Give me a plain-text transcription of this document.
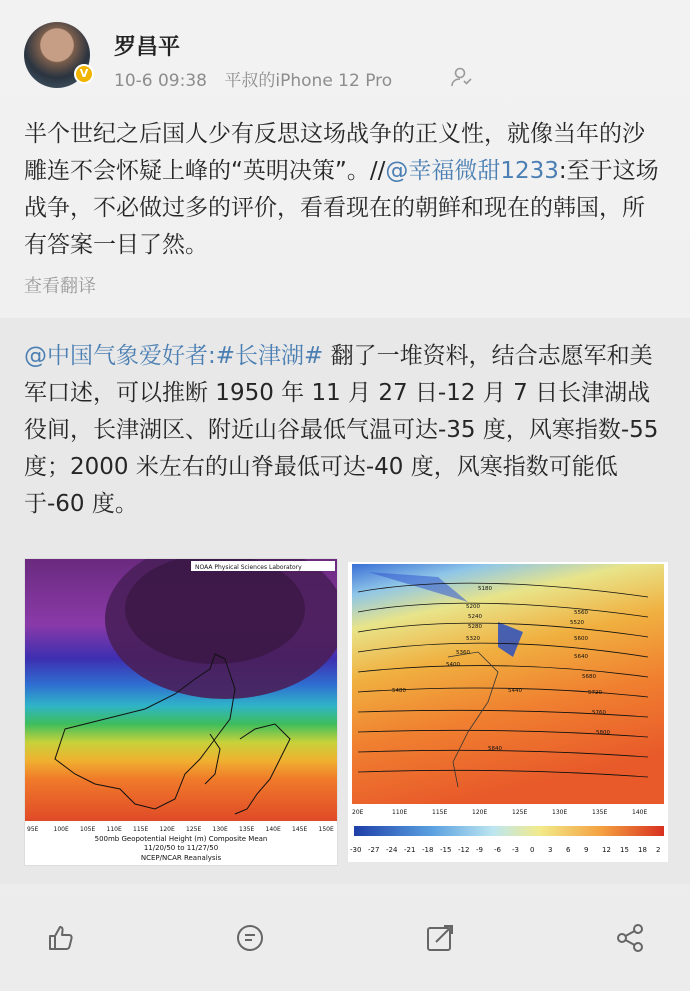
V
罗昌平
10-6 09:38 平叔的iPhone 12 Pro
半个世纪之后国人少有反思这场战争的正义性，就像当年的沙雕连不会怀疑上峰的“英明决策”。//@幸福微甜1233:至于这场战争，不必做过多的评价，看看现在的朝鲜和现在的韩国，所有答案一目了然。
查看翻译
@中国气象爱好者:#长津湖# 翻了一堆资料，结合志愿军和美军口述，可以推断 1950 年 11 月 27 日-12 月 7 日长津湖战役间，长津湖区、附近山谷最低气温可达-35 度，风寒指数-55 度；2000 米左右的山脊最低可达-40 度，风寒指数可能低于-60 度。
NOAA Physical Sciences Laboratory
95E	100E 105E 110E 115E 120E 125E 130E 135E 140E 145E 150E
500mb Geopotential Height (m) Composite Mean
11/20/50 to 11/27/50
NCEP/NCAR Reanalysis
5180
5200
5240
5280
5320
5360
5400
5440
5480
5520
5560
5600
5640
5680
5720
5760
5800
5840
20E	110E	115E	120E	125E	130E	135E	140E
-30 -27 -24 -21 -18 -15 -12 -9 -6 -3 0 3 6 9 12 15 18 2
